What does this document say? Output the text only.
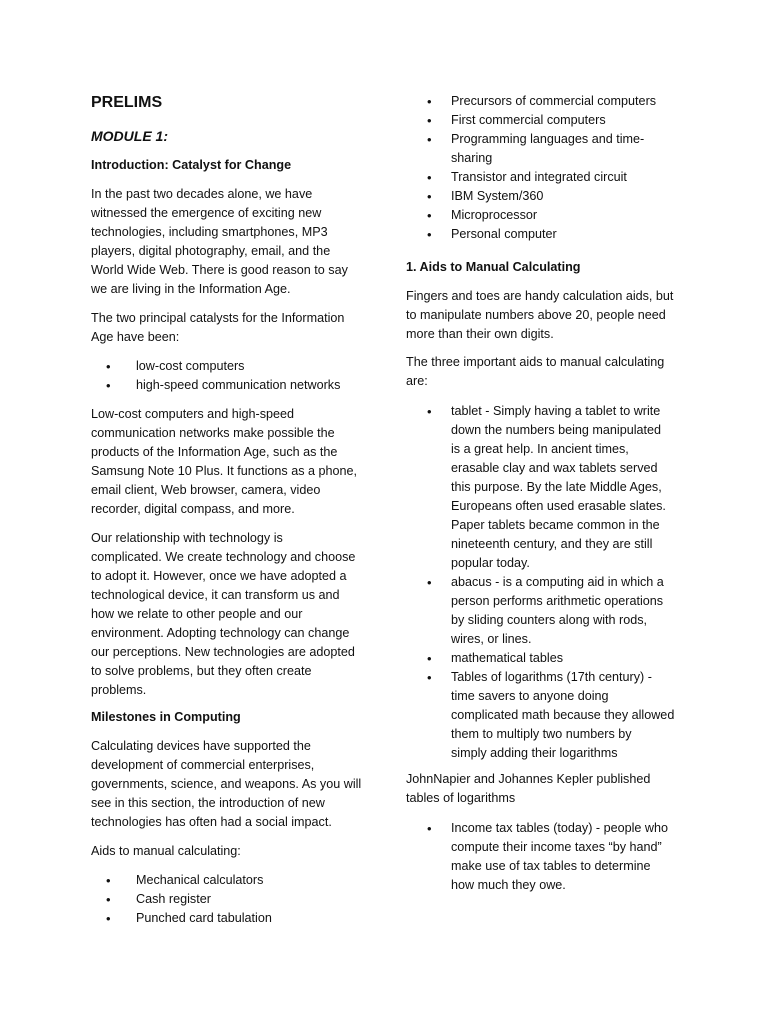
PRELIMS
MODULE 1:
Introduction: Catalyst for Change
In the past two decades alone, we have
witnessed the emergence of exciting new
technologies, including smartphones, MP3
players, digital photography, email, and the
World Wide Web. There is good reason to say
we are living in the Information Age.
The two principal catalysts for the Information
Age have been:
• low-cost computers
• high-speed communication networks
Low-cost computers and high-speed
communication networks make possible the
products of the Information Age, such as the
Samsung Note 10 Plus. It functions as a phone,
email client, Web browser, camera, video
recorder, digital compass, and more.
Our relationship with technology is
complicated. We create technology and choose
to adopt it. However, once we have adopted a
technological device, it can transform us and
how we relate to other people and our
environment. Adopting technology can change
our perceptions. New technologies are adopted
to solve problems, but they often create
problems.
Milestones in Computing
Calculating devices have supported the
development of commercial enterprises,
governments, science, and weapons. As you will
see in this section, the introduction of new
technologies has often had a social impact.
Aids to manual calculating:
• Mechanical calculators
• Cash register
• Punched card tabulation
• Precursors of commercial computers
• First commercial computers
• Programming languages and time-
sharing
• Transistor and integrated circuit
• IBM System/360
• Microprocessor
• Personal computer
1. Aids to Manual Calculating
Fingers and toes are handy calculation aids, but
to manipulate numbers above 20, people need
more than their own digits.
The three important aids to manual calculating
are:
• tablet - Simply having a tablet to write
down the numbers being manipulated
is a great help. In ancient times,
erasable clay and wax tablets served
this purpose. By the late Middle Ages,
Europeans often used erasable slates.
Paper tablets became common in the
nineteenth century, and they are still
popular today.
• abacus - is a computing aid in which a
person performs arithmetic operations
by sliding counters along with rods,
wires, or lines.
• mathematical tables
• Tables of logarithms (17th century) -
time savers to anyone doing
complicated math because they allowed
them to multiply two numbers by
simply adding their logarithms
JohnNapier and Johannes Kepler published
tables of logarithms
• Income tax tables (today) - people who
compute their income taxes “by hand”
make use of tax tables to determine
how much they owe.
